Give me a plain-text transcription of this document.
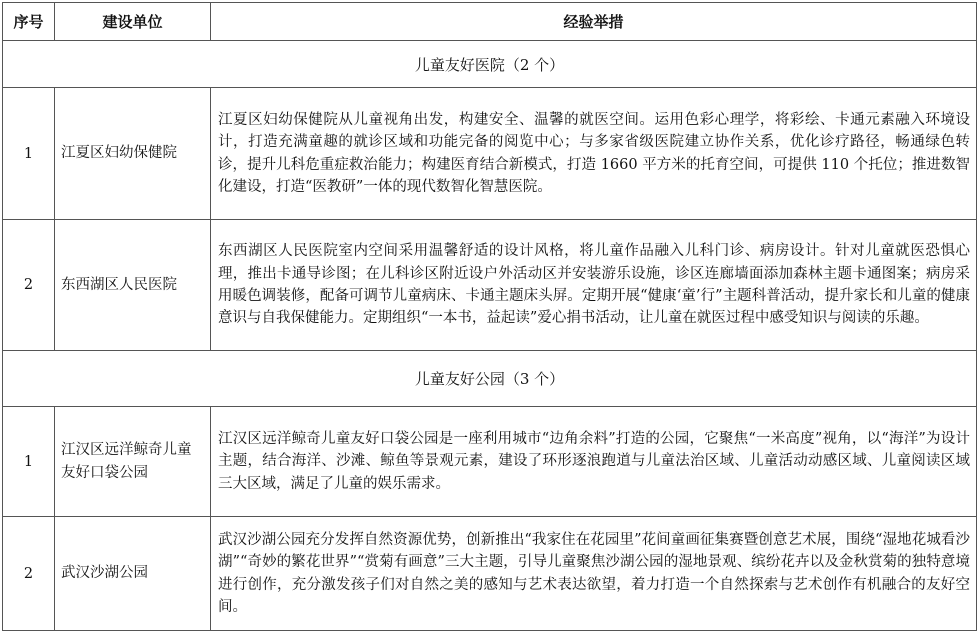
序号	建设单位	经验举措
儿童友好医院（2 个）		
1	江夏区妇幼保健院	江夏区妇幼保健院从儿童视角出发，构建安全、温馨的就医空间。运用色彩心理学，将彩绘、卡通元素融入环境设计，打造充满童趣的就诊区域和功能完备的阅览中心；与多家省级医院建立协作关系，优化诊疗路径，畅通绿色转诊，提升儿科危重症救治能力；构建医育结合新模式，打造 1660 平方米的托育空间，可提供 110 个托位；推进数智化建设，打造“医教研”一体的现代数智化智慧医院。
2	东西湖区人民医院	东西湖区人民医院室内空间采用温馨舒适的设计风格，将儿童作品融入儿科门诊、病房设计。针对儿童就医恐惧心理，推出卡通导诊图；在儿科诊区附近设户外活动区并安装游乐设施，诊区连廊墙面添加森林主题卡通图案；病房采用暖色调装修，配备可调节儿童病床、卡通主题床头屏。定期开展“健康‘童’行”主题科普活动，提升家长和儿童的健康意识与自我保健能力。定期组织“一本书，益起读”爱心捐书活动，让儿童在就医过程中感受知识与阅读的乐趣。
儿童友好公园（3 个）		
1	江汉区远洋鲸奇儿童友好口袋公园	江汉区远洋鲸奇儿童友好口袋公园是一座利用城市“边角余料”打造的公园，它聚焦“一米高度”视角，以“海洋”为设计主题，结合海洋、沙滩、鲸鱼等景观元素，建设了环形逐浪跑道与儿童法治区域、儿童活动动感区域、儿童阅读区域三大区域，满足了儿童的娱乐需求。
2	武汉沙湖公园	武汉沙湖公园充分发挥自然资源优势，创新推出“我家住在花园里”花间童画征集赛暨创意艺术展，围绕“湿地花城看沙湖”“奇妙的繁花世界”“赏菊有画意”三大主题，引导儿童聚焦沙湖公园的湿地景观、缤纷花卉以及金秋赏菊的独特意境进行创作，充分激发孩子们对自然之美的感知与艺术表达欲望，着力打造一个自然探索与艺术创作有机融合的友好空间。
